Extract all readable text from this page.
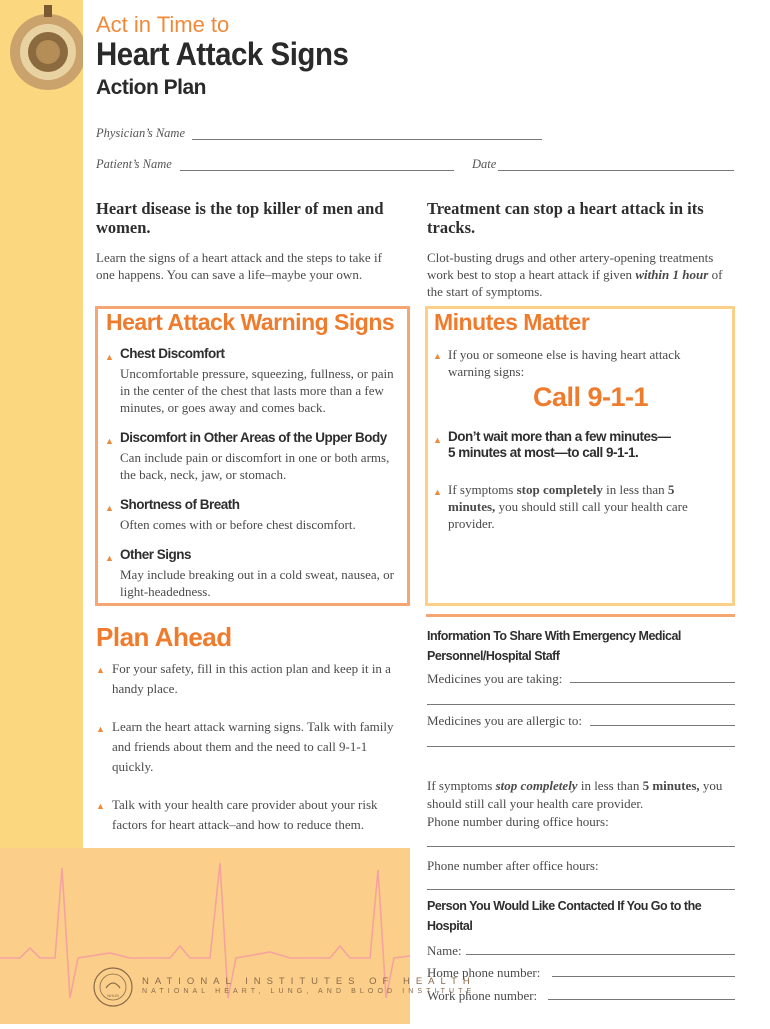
Act in Time to
Heart Attack Signs
Action Plan
Physician’s Name
Patient’s Name	Date
Heart disease is the top killer of men and women.
Learn the signs of a heart attack and the steps to take if one happens. You can save a life–maybe your own.
Treatment can stop a heart attack in its tracks.
Clot-busting drugs and other artery-opening treatments work best to stop a heart attack if given within 1 hour of the start of symptoms.
Heart Attack Warning Signs
▲ Chest Discomfort
Uncomfortable pressure, squeezing, fullness, or pain in the center of the chest that lasts more than a few minutes, or goes away and comes back.
▲ Discomfort in Other Areas of the Upper Body
Can include pain or discomfort in one or both arms, the back, neck, jaw, or stomach.
▲ Shortness of Breath
Often comes with or before chest discomfort.
▲ Other Signs
May include breaking out in a cold sweat, nausea, or light-headedness.
Minutes Matter
▲ If you or someone else is having heart attack warning signs:
Call 9-1-1
▲ Don’t wait more than a few minutes—
5 minutes at most—to call 9-1-1.
▲ If symptoms stop completely in less than 5 minutes, you should still call your health care provider.
Plan Ahead
▲ For your safety, fill in this action plan and keep it in a handy place.
▲ Learn the heart attack warning signs. Talk with family and friends about them and the need to call 9-1-1 quickly.
▲ Talk with your health care provider about your risk factors for heart attack–and how to reduce them.
Information To Share With Emergency Medical Personnel/Hospital Staff
Medicines you are taking:
Medicines you are allergic to:
If symptoms stop completely in less than 5 minutes, you should still call your health care provider.
Phone number during office hours:
Phone number after office hours:
Person You Would Like Contacted If You Go to the Hospital
Name:
Home phone number:
Work phone number:
NHLBI
NATIONAL INSTITUTES OF HEALTH
NATIONAL HEART, LUNG, AND BLOOD INSTITUTE
